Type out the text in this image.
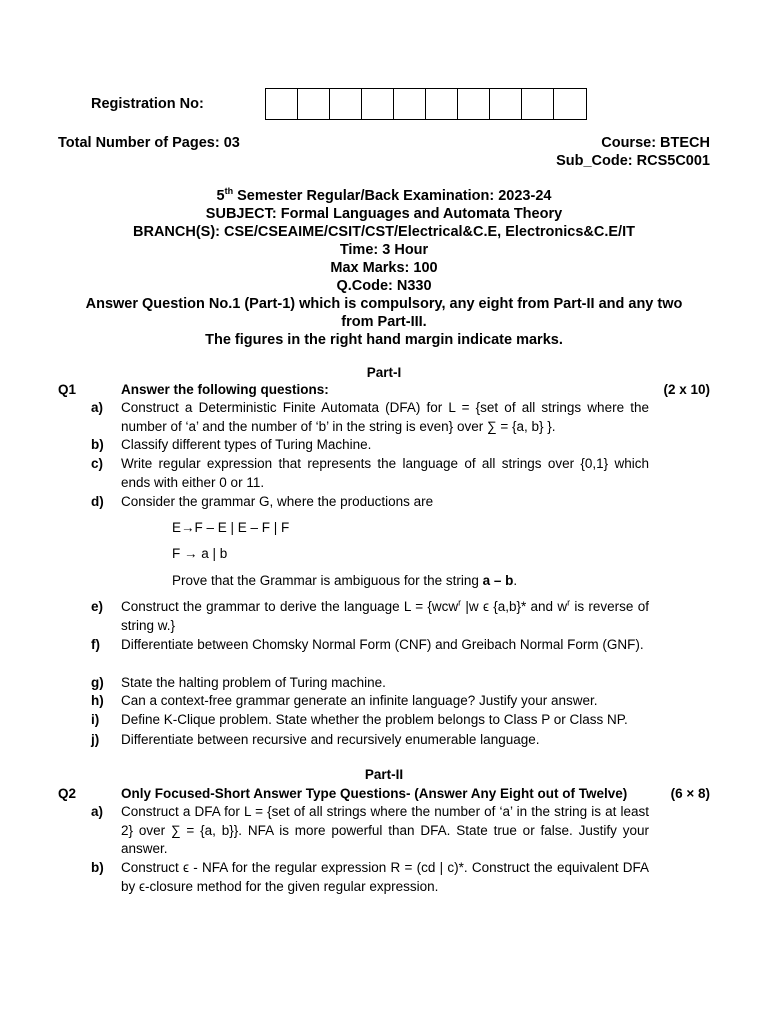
Registration No:
Total Number of Pages: 03	Course: BTECH
Sub_Code: RCS5C001
5th Semester Regular/Back Examination: 2023-24
SUBJECT: Formal Languages and Automata Theory
BRANCH(S): CSE/CSEAIME/CSIT/CST/Electrical&C.E, Electronics&C.E/IT
Time: 3 Hour
Max Marks: 100
Q.Code: N330
Answer Question No.1 (Part-1) which is compulsory, any eight from Part-II and any two
from Part-III.
The figures in the right hand margin indicate marks.
Part-I
Q1	Answer the following questions:	(2 x 10)
a)	Construct a Deterministic Finite Automata (DFA) for L = {set of all strings where the number of ‘a’ and the number of ‘b’ in the string is even} over ∑ = {a, b} }.
b)	Classify different types of Turing Machine.
c)	Write regular expression that represents the language of all strings over {0,1} which ends with either 0 or 11.
d)	Consider the grammar G, where the productions are
E→F – E | E – F | F
F → a | b
Prove that the Grammar is ambiguous for the string a – b.
e)	Construct the grammar to derive the language L = {wcw$^r$ |w ϵ {a,b}* and $w^r$ is reverse of string w.}
f)	Differentiate between Chomsky Normal Form (CNF) and Greibach Normal Form (GNF).
g)	State the halting problem of Turing machine.
h)	Can a context-free grammar generate an infinite language? Justify your answer.
i)	Define K-Clique problem. State whether the problem belongs to Class P or Class NP.
j)	Differentiate between recursive and recursively enumerable language.
Part-II
Q2	Only Focused-Short Answer Type Questions- (Answer Any Eight out of Twelve)	(6 × 8)
a)	Construct a DFA for L = {set of all strings where the number of ‘a’ in the string is at least 2} over ∑ = {a, b}}. NFA is more powerful than DFA. State true or false. Justify your answer.
b)	Construct ϵ - NFA for the regular expression R = (cd | c)*. Construct the equivalent DFA by ϵ-closure method for the given regular expression.
